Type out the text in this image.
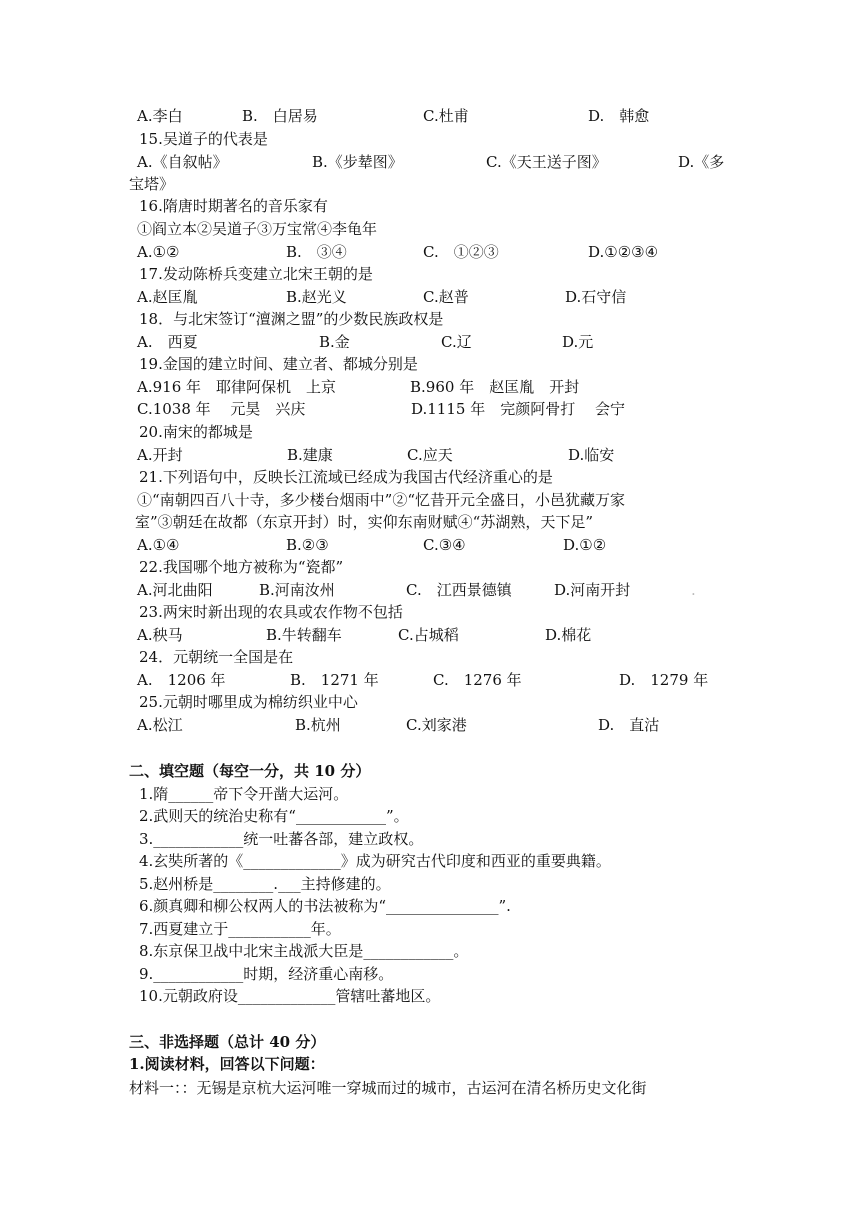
A.李白	B.　白居易	C.杜甫	D.　韩愈
15.吴道子的代表是
A.《自叙帖》	B.《步辇图》	C.《天王送子图》	D.《多
宝塔》
16.隋唐时期著名的音乐家有
①阎立本②吴道子③万宝常④李龟年
A.①②	B.　③④	C.　①②③	D.①②③④
17.发动陈桥兵变建立北宋王朝的是
A.赵匡胤	B.赵光义	C.赵普	D.石守信
18．与北宋签订“澶渊之盟”的少数民族政权是
A.　西夏	B.金	C.辽	D.元
19.金国的建立时间、建立者、都城分别是
A.916 年　耶律阿保机　上京	B.960 年　赵匡胤　开封
C.1038 年　 元昊　兴庆	D.1115 年　完颜阿骨打　 会宁
20.南宋的都城是
A.开封	B.建康	C.应天	D.临安
21.下列语句中，反映长江流域已经成为我国古代经济重心的是
①“南朝四百八十寺，多少楼台烟雨中”②“忆昔开元全盛日，小邑犹藏万家
室”③朝廷在故都（东京开封）时，实仰东南财赋④“苏湖熟，天下足”
A.①④	B.②③	C.③④	D.①②
22.我国哪个地方被称为“瓷都”
A.河北曲阳	B.河南汝州	C.　江西景德镇	D.河南开封	.
23.两宋时新出现的农具或农作物不包括
A.秧马	B.牛转翻车	C.占城稻	D.棉花
24．元朝统一全国是在
A.　1206 年	B.　1271 年	C.　1276 年	D.　1279 年
25.元朝时哪里成为棉纺织业中心
A.松江	B.杭州	C.刘家港	D.　直沽
二、填空题（每空一分，共 10 分）
1.隋______帝下令开凿大运河。
2.武则天的统治史称有“____________”。
3.____________统一吐蕃各部，建立政权。
4.玄奘所著的《_____________》成为研究古代印度和西亚的重要典籍。
5.赵州桥是________.___主持修建的。
6.颜真卿和柳公权两人的书法被称为“_______________”.
7.西夏建立于___________年。
8.东京保卫战中北宋主战派大臣是____________。
9.____________时期，经济重心南移。
10.元朝政府设_____________管辖吐蕃地区。
三、非选择题（总计 40 分）
1.阅读材料，回答以下问题：
材料一：：无锡是京杭大运河唯一穿城而过的城市，古运河在清名桥历史文化街
